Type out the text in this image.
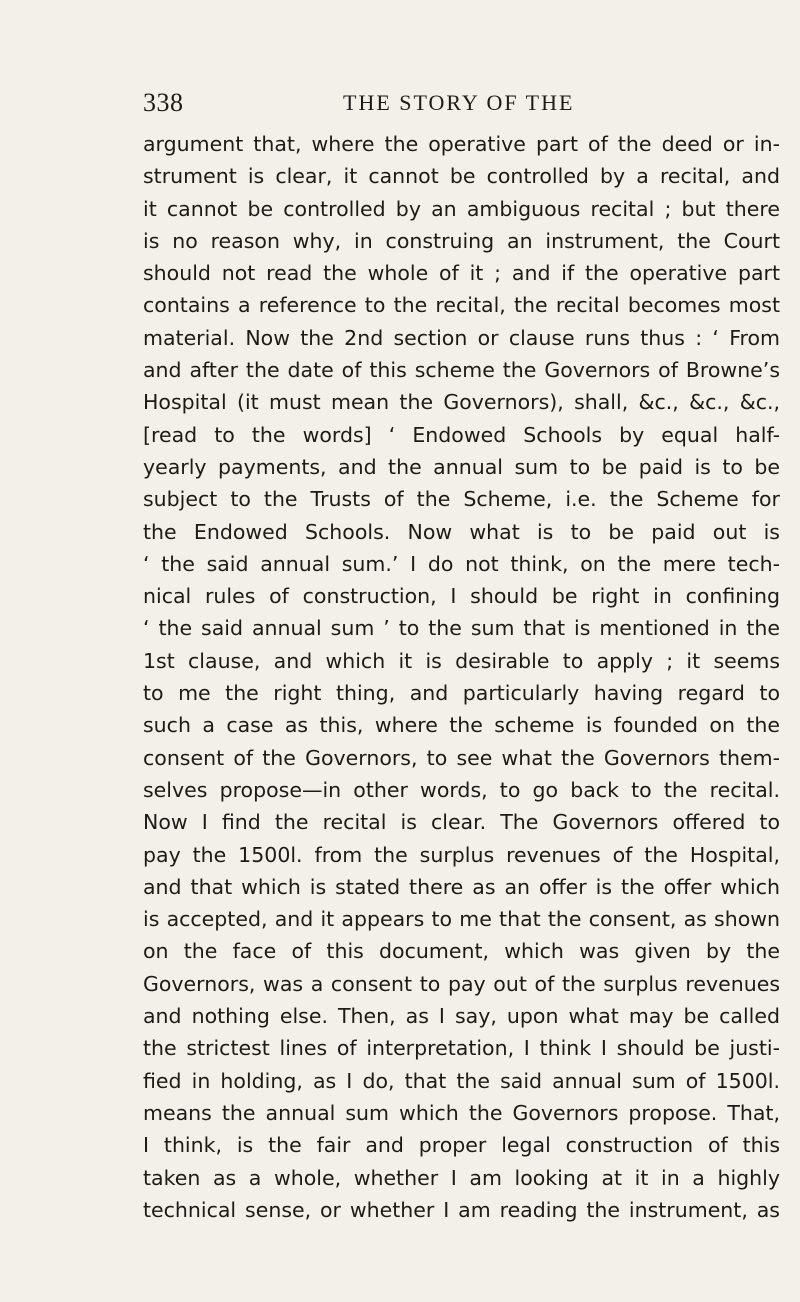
338	THE STORY OF THE
argument that, where the operative part of the deed or in-
strument is clear, it cannot be controlled by a recital, and
it cannot be controlled by an ambiguous recital ; but there
is no reason why, in construing an instrument, the Court
should not read the whole of it ; and if the operative part
contains a reference to the recital, the recital becomes most
material. Now the 2nd section or clause runs thus : ‘ From
and after the date of this scheme the Governors of Browne’s
Hospital (it must mean the Governors), shall, &c., &c., &c.,
[read to the words] ‘ Endowed Schools by equal half-
yearly payments, and the annual sum to be paid is to be
subject to the Trusts of the Scheme, i.e. the Scheme for
the Endowed Schools. Now what is to be paid out is
‘ the said annual sum.’ I do not think, on the mere tech-
nical rules of construction, I should be right in confining
‘ the said annual sum ’ to the sum that is mentioned in the
1st clause, and which it is desirable to apply ; it seems
to me the right thing, and particularly having regard to
such a case as this, where the scheme is founded on the
consent of the Governors, to see what the Governors them-
selves propose—in other words, to go back to the recital.
Now I find the recital is clear. The Governors offered to
pay the 1500l. from the surplus revenues of the Hospital,
and that which is stated there as an offer is the offer which
is accepted, and it appears to me that the consent, as shown
on the face of this document, which was given by the
Governors, was a consent to pay out of the surplus revenues
and nothing else. Then, as I say, upon what may be called
the strictest lines of interpretation, I think I should be justi-
fied in holding, as I do, that the said annual sum of 1500l.
means the annual sum which the Governors propose. That,
I think, is the fair and proper legal construction of this
taken as a whole, whether I am looking at it in a highly
technical sense, or whether I am reading the instrument, as
